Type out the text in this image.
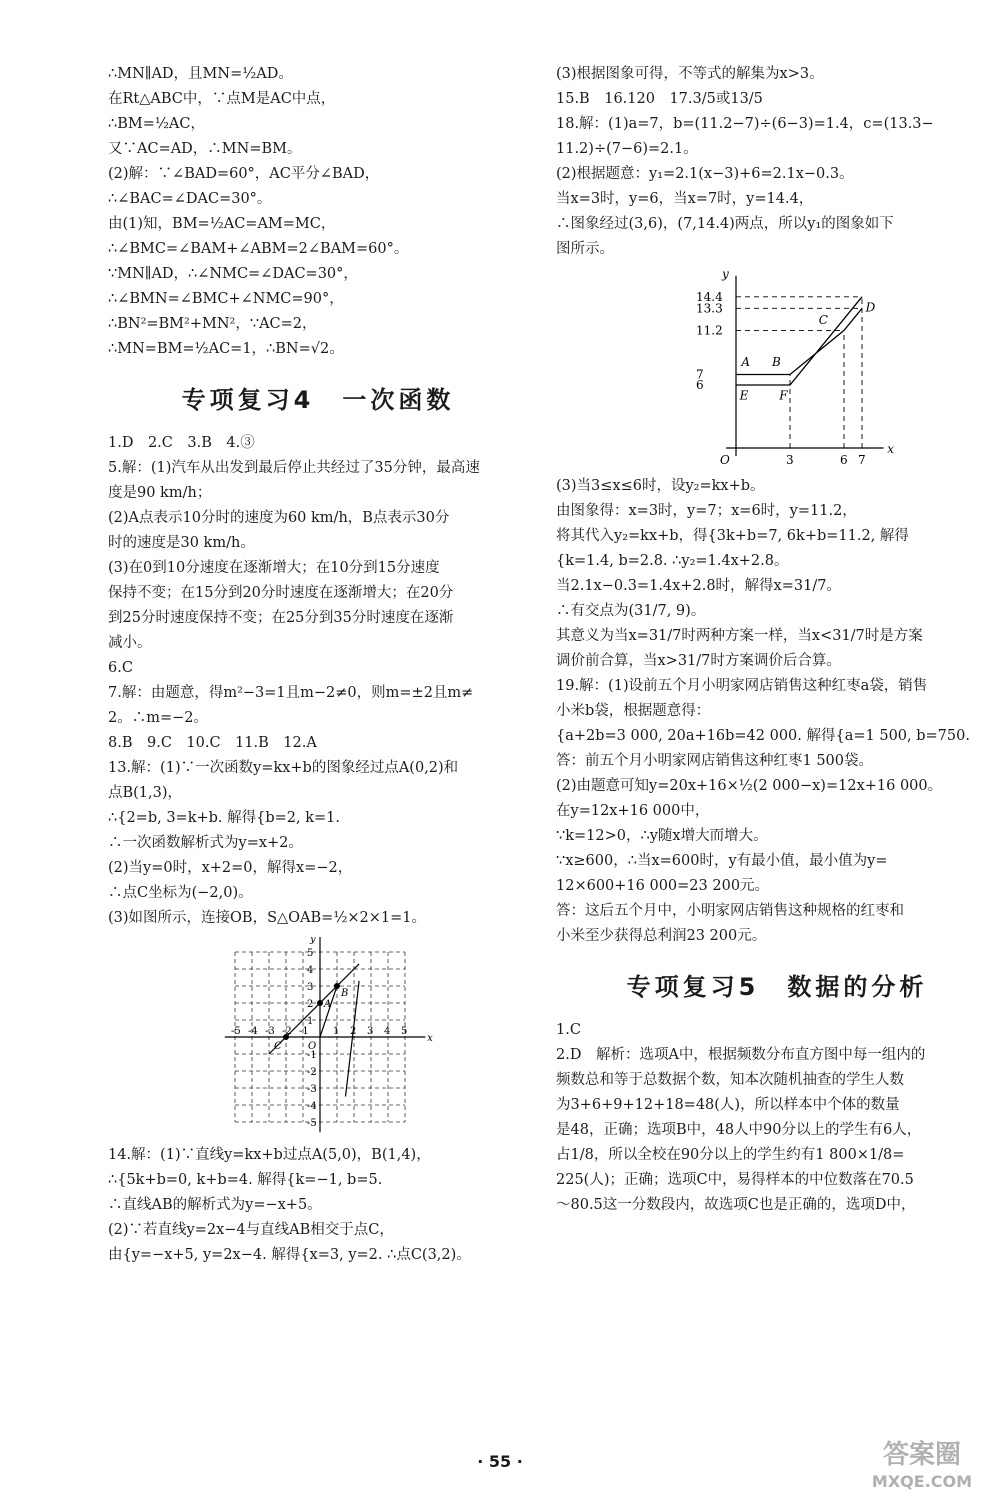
∴MN∥AD，且MN=½AD。
在Rt△ABC中，∵点M是AC中点，
∴BM=½AC，
又∵AC=AD，∴MN=BM。
(2)解：∵∠BAD=60°，AC平分∠BAD，
∴∠BAC=∠DAC=30°。
由(1)知，BM=½AC=AM=MC，
∴∠BMC=∠BAM+∠ABM=2∠BAM=60°。
∵MN∥AD，∴∠NMC=∠DAC=30°，
∴∠BMN=∠BMC+∠NMC=90°，
∴BN²=BM²+MN²，∵AC=2，
∴MN=BM=½AC=1，∴BN=√2。
专项复习4　一次函数
1.D　2.C　3.B　4.③
5.解：(1)汽车从出发到最后停止共经过了35分钟，最高速
度是90 km/h；
(2)A点表示10分时的速度为60 km/h，B点表示30分
时的速度是30 km/h。
(3)在0到10分速度在逐渐增大；在10分到15分速度
保持不变；在15分到20分时速度在逐渐增大；在20分
到25分时速度保持不变；在25分到35分时速度在逐渐
减小。
6.C
7.解：由题意，得m²−3=1且m−2≠0，则m=±2且m≠
2。∴m=−2。
8.B　9.C　10.C　11.B　12.A
13.解：(1)∵一次函数y=kx+b的图象经过点A(0,2)和
点B(1,3)，
∴{2=b, 3=k+b. 解得{b=2, k=1.
∴一次函数解析式为y=x+2。
(2)当y=0时，x+2=0，解得x=−2，
∴点C坐标为(−2,0)。
(3)如图所示，连接OB，S△OAB=½×2×1=1。
-5 -4 -3 -2 -1 1 2 3 4 5
5
4
3
2
1
-1
-2
-3
-4
-5
x
y
O
A
B
C
14.解：(1)∵直线y=kx+b过点A(5,0)，B(1,4)，
∴{5k+b=0, k+b=4. 解得{k=−1, b=5.
∴直线AB的解析式为y=−x+5。
(2)∵若直线y=2x−4与直线AB相交于点C，
由{y=−x+5, y=2x−4. 解得{x=3, y=2. ∴点C(3,2)。
(3)根据图象可得，不等式的解集为x>3。
15.B　16.120　17.3/5或13/5
18.解：(1)a=7，b=(11.2−7)÷(6−3)=1.4，c=(13.3−
11.2)÷(7−6)=2.1。
(2)根据题意：y₁=2.1(x−3)+6=2.1x−0.3。
当x=3时，y=6，当x=7时，y=14.4，
∴图象经过(3,6)，(7,14.4)两点，所以y₁的图象如下
图所示。
14.4
13.3
11.2
7
6
3	6 7
x
y
O
A B
C
D
E	F
(3)当3≤x≤6时，设y₂=kx+b。
由图象得：x=3时，y=7；x=6时，y=11.2，
将其代入y₂=kx+b，得{3k+b=7, 6k+b=11.2, 解得
{k=1.4, b=2.8. ∴y₂=1.4x+2.8。
当2.1x−0.3=1.4x+2.8时，解得x=31/7。
∴有交点为(31/7, 9)。
其意义为当x=31/7时两种方案一样，当x<31/7时是方案
调价前合算，当x>31/7时方案调价后合算。
19.解：(1)设前五个月小明家网店销售这种红枣a袋，销售
小米b袋，根据题意得：
{a+2b=3 000, 20a+16b=42 000. 解得{a=1 500, b=750.
答：前五个月小明家网店销售这种红枣1 500袋。
(2)由题意可知y=20x+16×½(2 000−x)=12x+16 000。
在y=12x+16 000中，
∵k=12>0，∴y随x增大而增大。
∵x≥600，∴当x=600时，y有最小值，最小值为y=
12×600+16 000=23 200元。
答：这后五个月中，小明家网店销售这种规格的红枣和
小米至少获得总利润23 200元。
专项复习5　数据的分析
1.C
2.D　解析：选项A中，根据频数分布直方图中每一组内的
频数总和等于总数据个数，知本次随机抽查的学生人数
为3+6+9+12+18=48(人)，所以样本中个体的数量
是48，正确；选项B中，48人中90分以上的学生有6人，
占1/8，所以全校在90分以上的学生约有1 800×1/8=
225(人)；正确；选项C中，易得样本的中位数落在70.5
～80.5这一分数段内，故选项C也是正确的，选项D中，
· 55 ·	答案圈
MXQE.COM
